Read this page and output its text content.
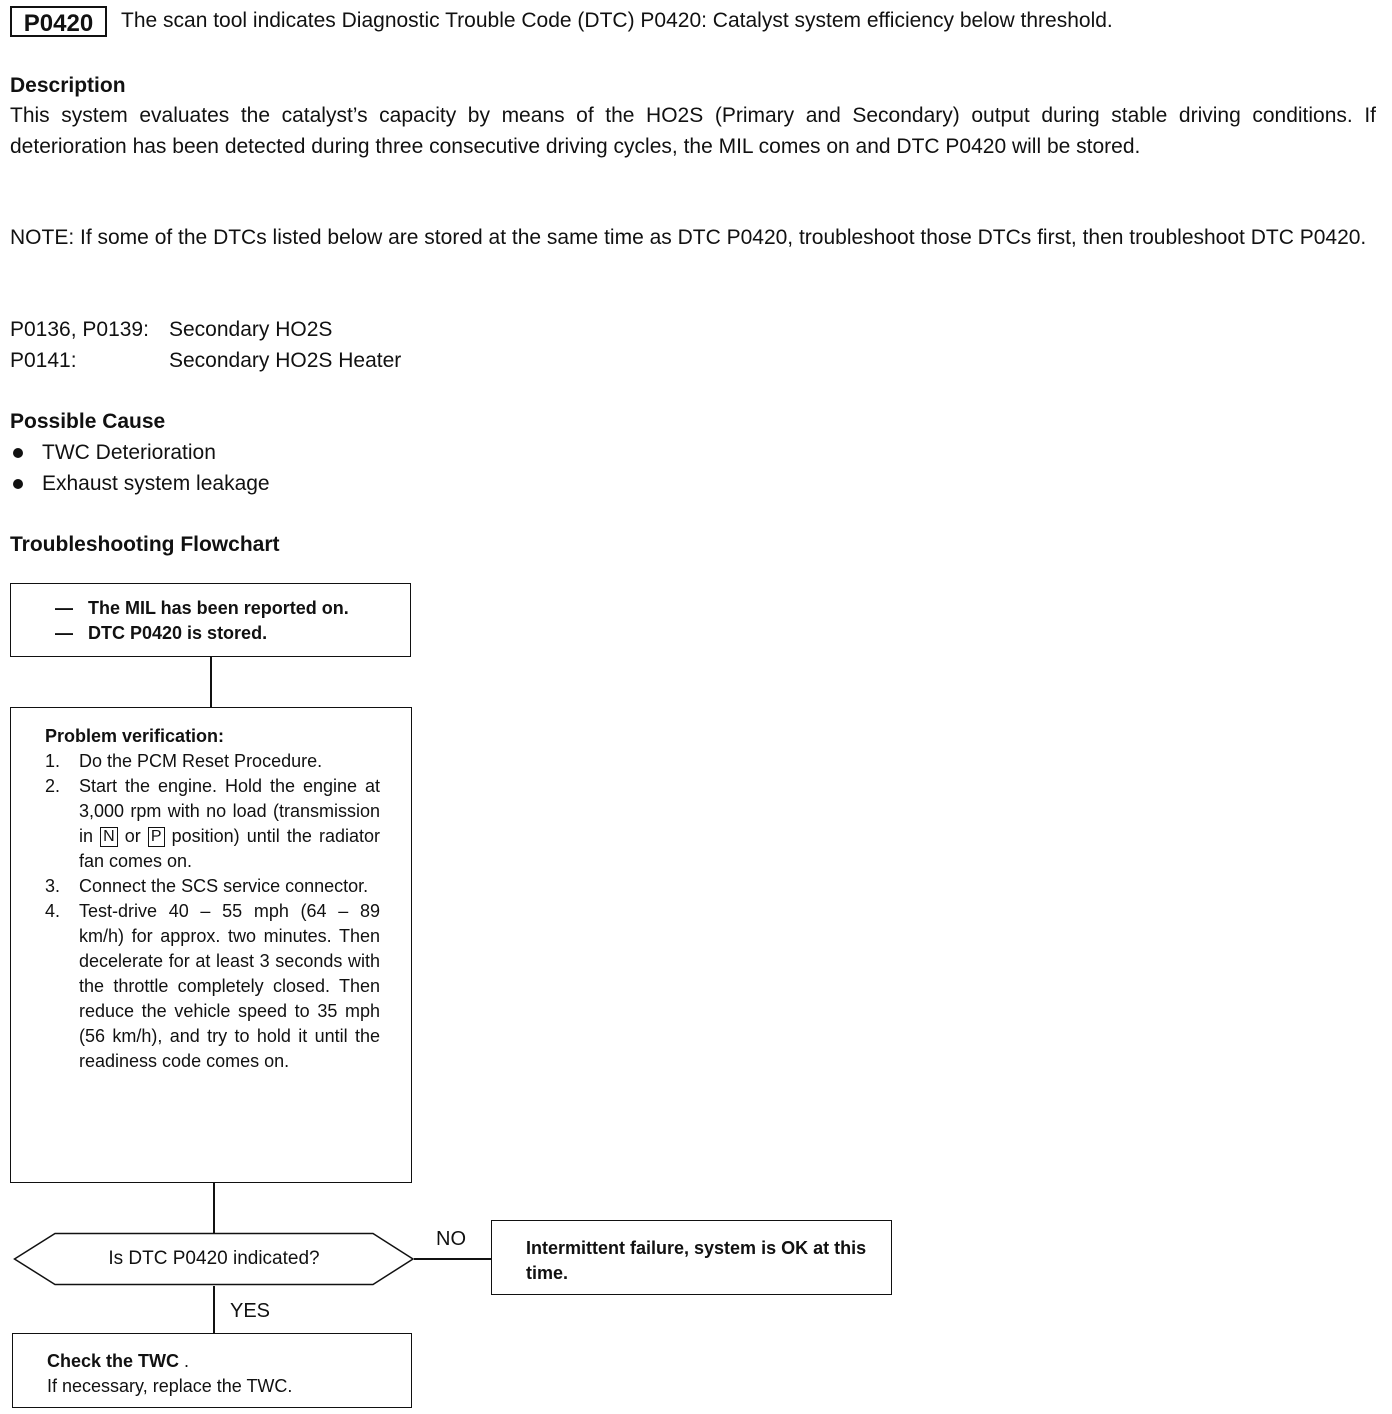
P0420	The scan tool indicates Diagnostic Trouble Code (DTC) P0420: Catalyst system efficiency below threshold.

Description

This system evaluates the catalyst’s capacity by means of the HO2S (Primary and Secondary) output during stable driving conditions. If deterioration has been detected during three consecutive driving cycles, the MIL comes on and DTC P0420 will be stored.

NOTE: If some of the DTCs listed below are stored at the same time as DTC P0420, troubleshoot those DTCs first, then troubleshoot DTC P0420.

P0136, P0139: Secondary HO2S
P0141:	Secondary HO2S Heater

Possible Cause

TWC Deterioration
Exhaust system leakage

Troubleshooting Flowchart

— The MIL has been reported on.
— DTC P0420 is stored.
Problem verification:
1. Do the PCM Reset Procedure.
2. Start the engine. Hold the engine at 3,000 rpm with no load (transmission in N or P position) until the radiator fan comes on.
3. Connect the SCS service connector.
4. Test-drive 40 – 55 mph (64 – 89 km/h) for approx. two minutes. Then decelerate for at least 3 seconds with the throttle completely closed. Then reduce the vehicle speed to 35 mph (56 km/h), and try to hold it until the readiness code comes on.
Is DTC P0420 indicated?
NO	Intermittent failure, system is OK at this time.
YES
Check the TWC .
If necessary, replace the TWC.
